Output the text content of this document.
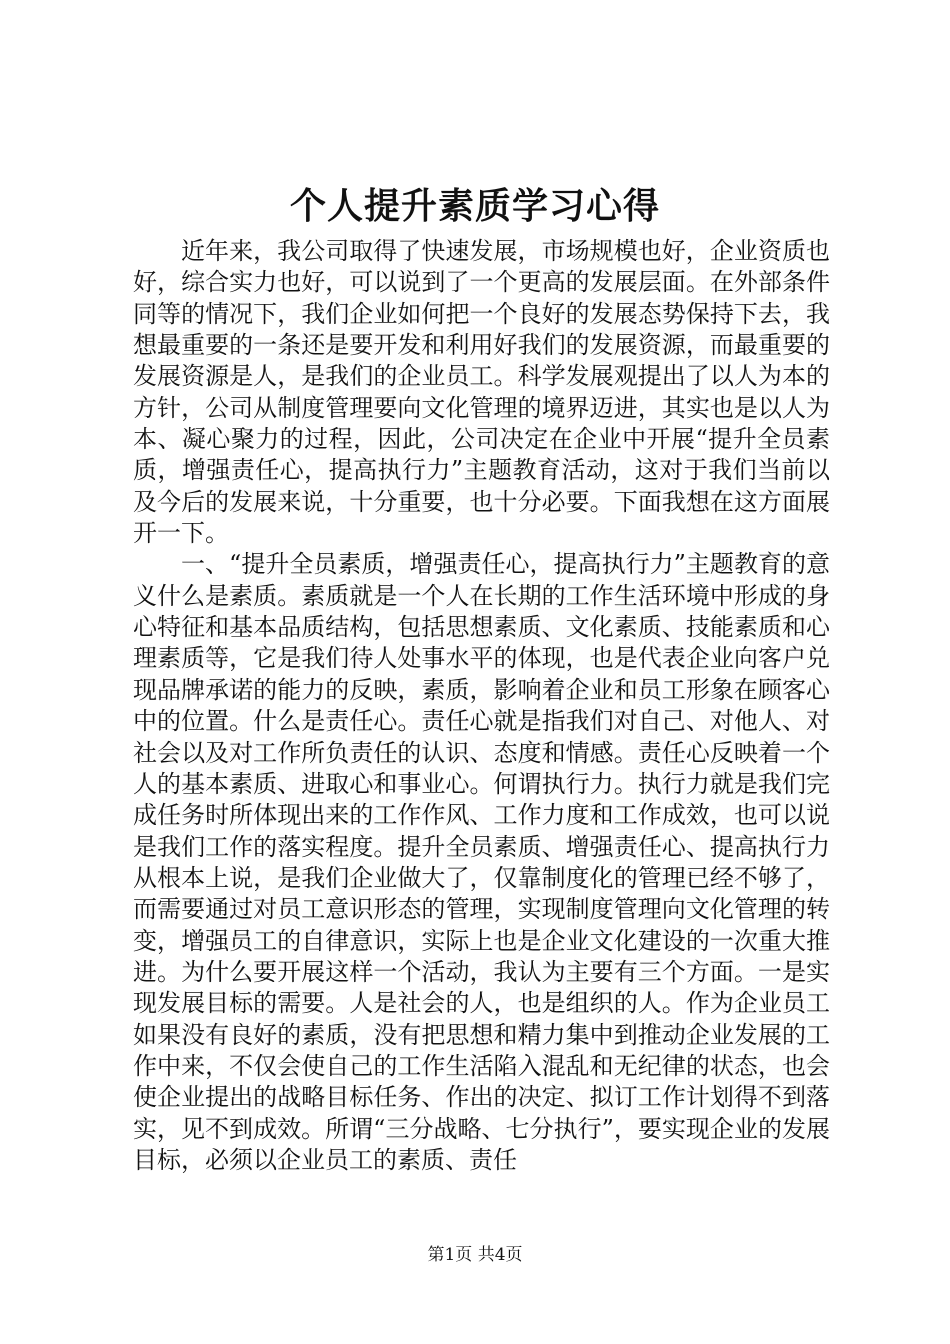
个人提升素质学习心得

近年来，我公司取得了快速发展，市场规模也好，企业资质也好，综合实力也好，可以说到了一个更高的发展层面。在外部条件同等的情况下，我们企业如何把一个良好的发展态势保持下去，我想最重要的一条还是要开发和利用好我们的发展资源，而最重要的发展资源是人，是我们的企业员工。科学发展观提出了以人为本的方针，公司从制度管理要向文化管理的境界迈进，其实也是以人为本、凝心聚力的过程，因此，公司决定在企业中开展“提升全员素质，增强责任心，提高执行力”主题教育活动，这对于我们当前以及今后的发展来说，十分重要，也十分必要。下面我想在这方面展开一下。

一、“提升全员素质，增强责任心，提高执行力”主题教育的意义什么是素质。素质就是一个人在长期的工作生活环境中形成的身心特征和基本品质结构，包括思想素质、文化素质、技能素质和心理素质等，它是我们待人处事水平的体现，也是代表企业向客户兑现品牌承诺的能力的反映，素质，影响着企业和员工形象在顾客心中的位置。什么是责任心。责任心就是指我们对自己、对他人、对社会以及对工作所负责任的认识、态度和情感。责任心反映着一个人的基本素质、进取心和事业心。何谓执行力。执行力就是我们完成任务时所体现出来的工作作风、工作力度和工作成效，也可以说是我们工作的落实程度。提升全员素质、增强责任心、提高执行力从根本上说，是我们企业做大了，仅靠制度化的管理已经不够了，而需要通过对员工意识形态的管理，实现制度管理向文化管理的转变，增强员工的自律意识，实际上也是企业文化建设的一次重大推进。为什么要开展这样一个活动，我认为主要有三个方面。一是实现发展目标的需要。人是社会的人，也是组织的人。作为企业员工如果没有良好的素质，没有把思想和精力集中到推动企业发展的工作中来，不仅会使自己的工作生活陷入混乱和无纪律的状态，也会使企业提出的战略目标任务、作出的决定、拟订工作计划得不到落实，见不到成效。所谓“三分战略、七分执行”，要实现企业的发展目标，必须以企业员工的素质、责任

第1页 共4页
